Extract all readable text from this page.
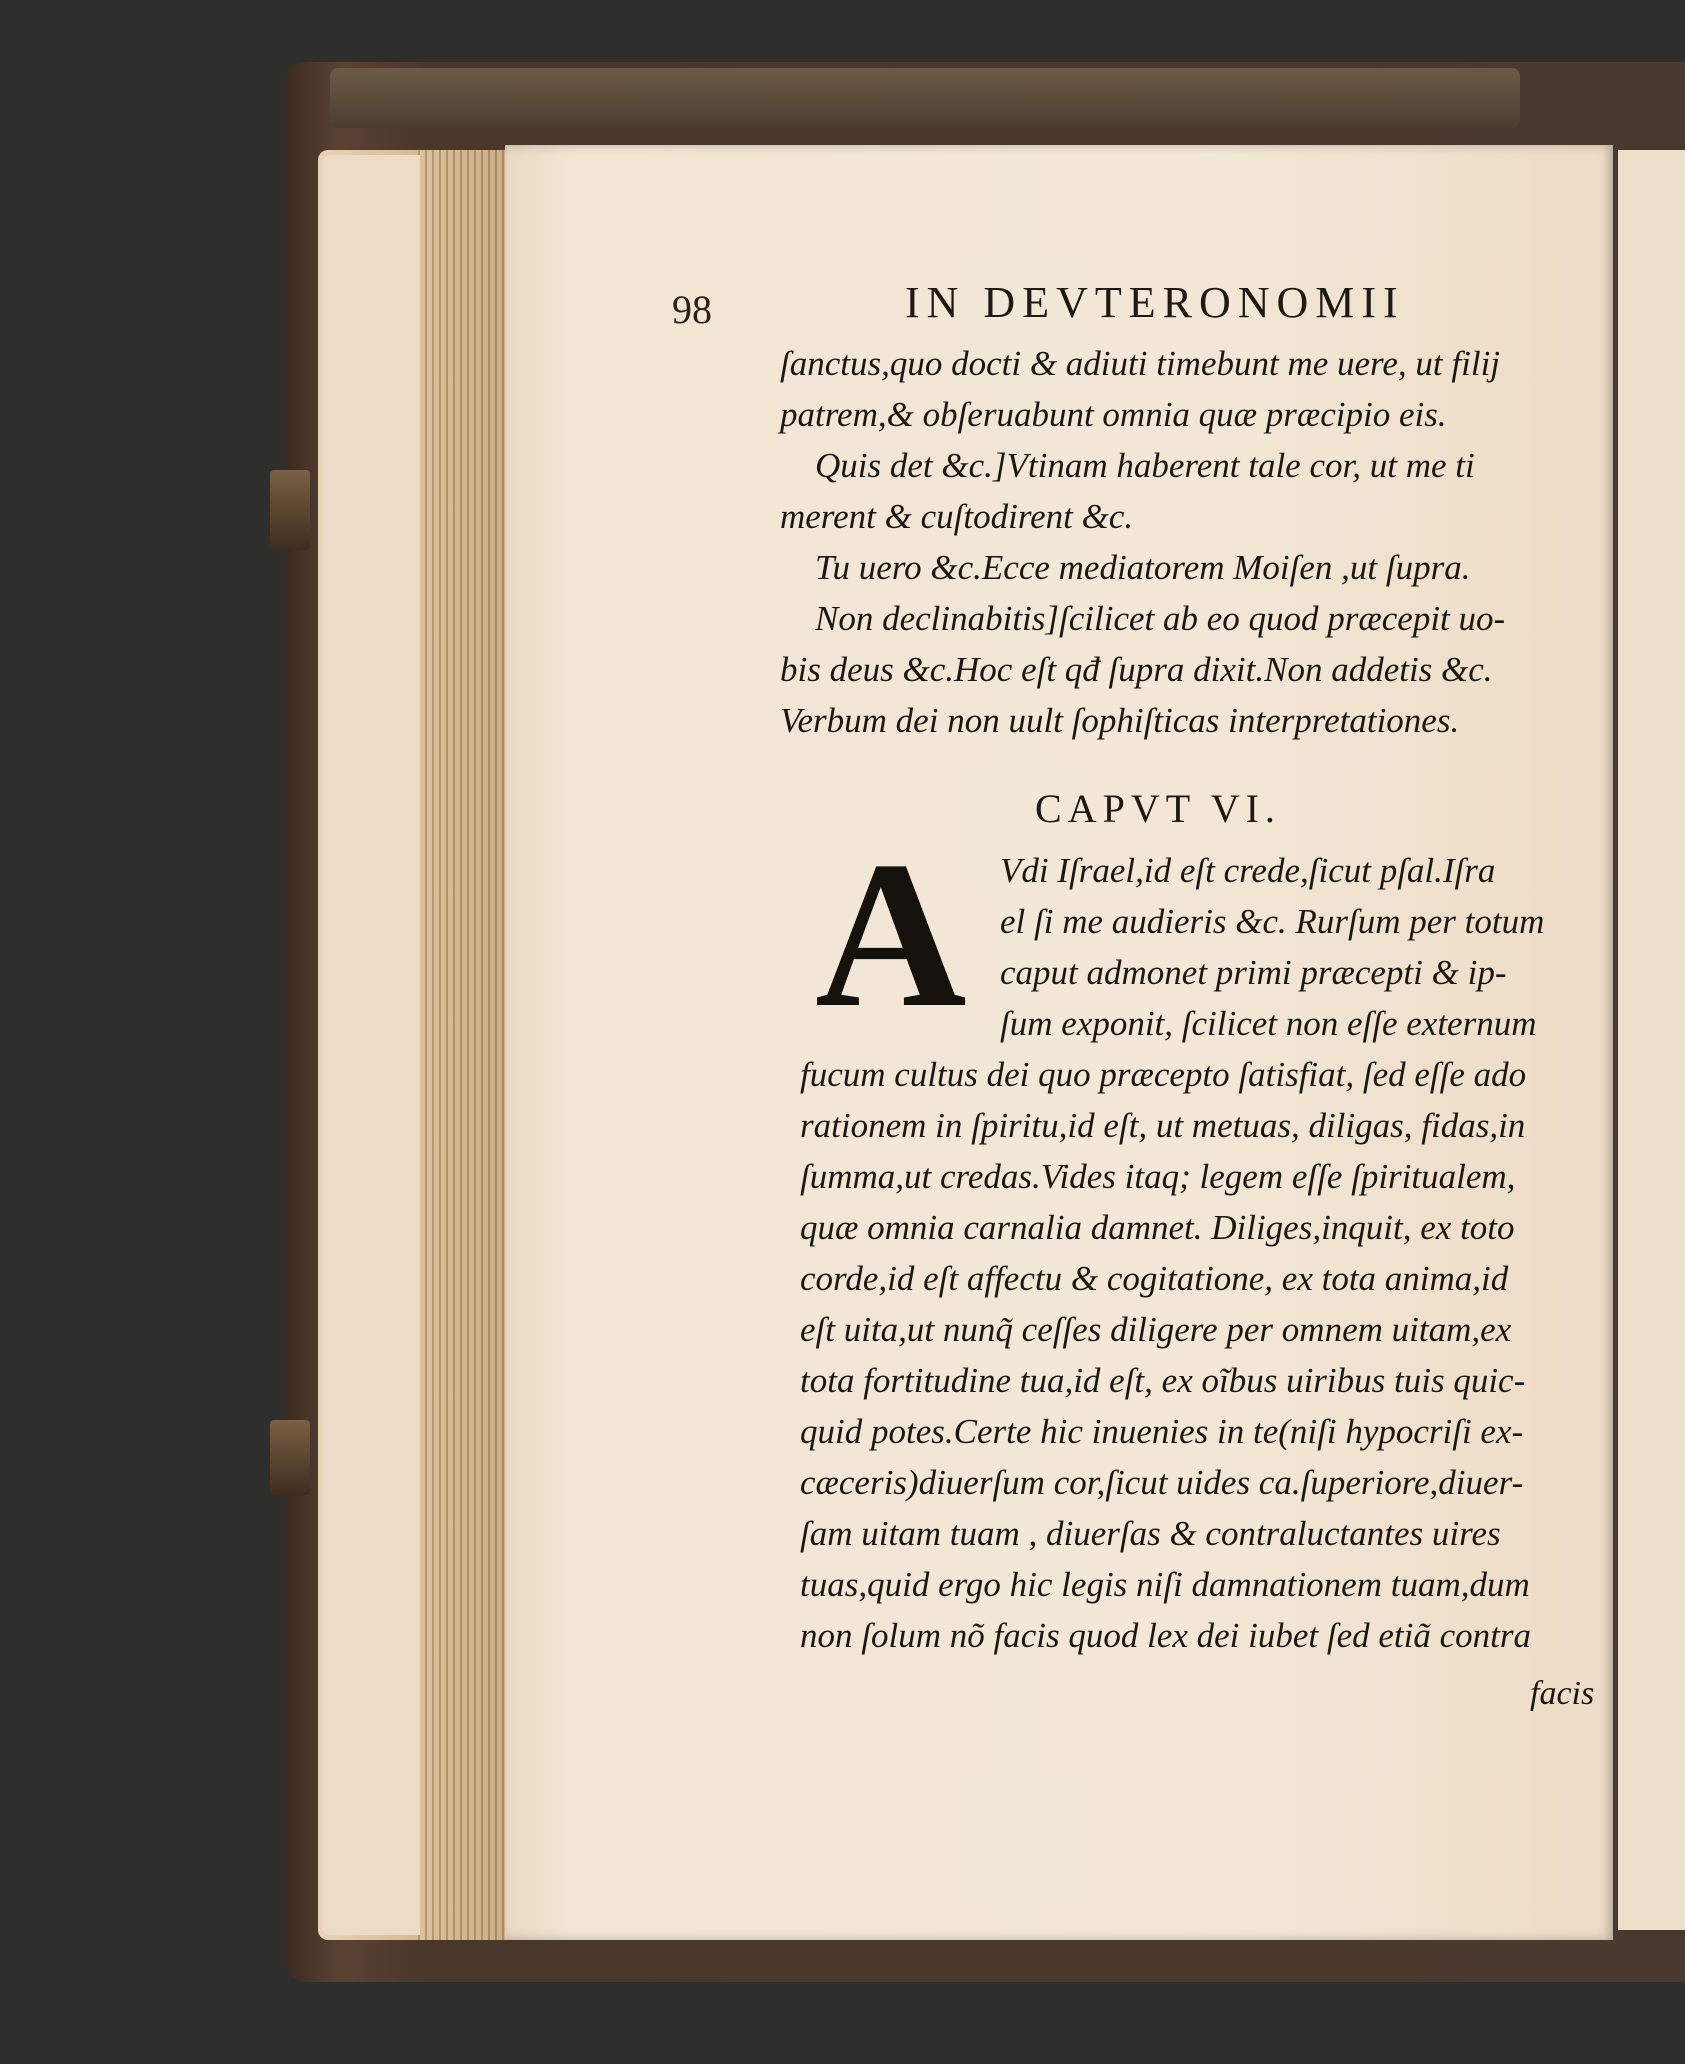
98	IN DEVTERONOMII
ſanctus,quo docti & adiuti timebunt me uere, ut filij
patrem,& obſeruabunt omnia quæ præcipio eis.
Quis det &c.]Vtinam haberent tale cor, ut me ti
merent & cuſtodirent &c.
Tu uero &c.Ecce mediatorem Moiſen ,ut ſupra.
Non declinabitis]ſcilicet ab eo quod præcepit uo-
bis deus &c.Hoc eſt qđ ſupra dixit.Non addetis &c.
Verbum dei non uult ſophiſticas interpretationes.
CAPVT VI.
A Vdi Iſrael,id eſt crede,ſicut pſal.Iſra
el ſi me audieris &c. Rurſum per totum
caput admonet primi præcepti & ip-
ſum exponit, ſcilicet non eſſe externum
fucum cultus dei quo præcepto ſatisfiat, ſed eſſe ado
rationem in ſpiritu,id eſt, ut metuas, diligas, fidas,in
ſumma,ut credas.Vides itaq; legem eſſe ſpiritualem,
quæ omnia carnalia damnet. Diliges,inquit, ex toto
corde,id eſt affectu & cogitatione, ex tota anima,id
eſt uita,ut nunq̃ ceſſes diligere per omnem uitam,ex
tota fortitudine tua,id eſt, ex oĩbus uiribus tuis quic-
quid potes.Certe hic inuenies in te(niſi hypocriſi ex-
cæceris)diuerſum cor,ſicut uides ca.ſuperiore,diuer-
ſam uitam tuam , diuerſas & contraluctantes uires
tuas,quid ergo hic legis niſi damnationem tuam,dum
non ſolum nõ facis quod lex dei iubet ſed etiã contra
facis
